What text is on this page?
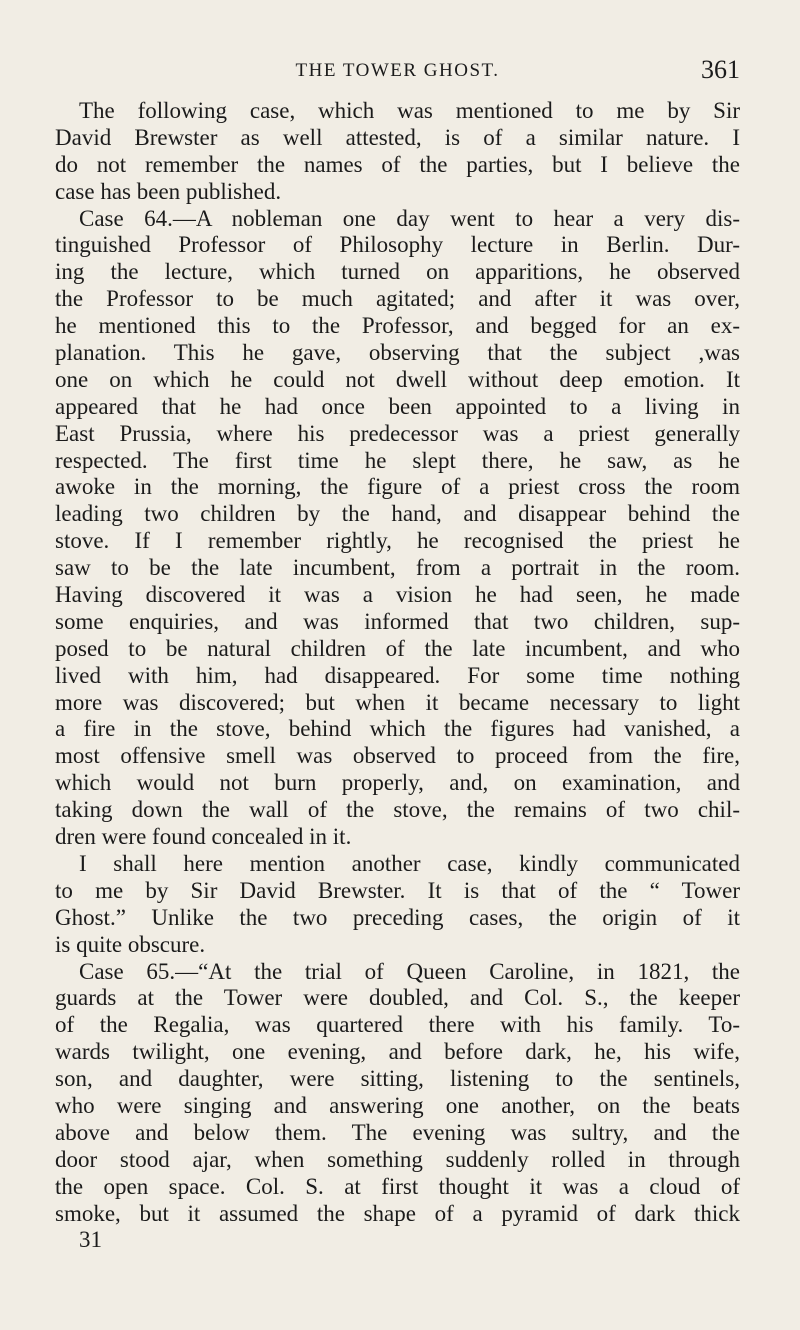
THE TOWER GHOST.	361
The following case, which was mentioned to me by Sir
David Brewster as well attested, is of a similar nature. I
do not remember the names of the parties, but I believe the
case has been published.
Case 64.—A nobleman one day went to hear a very dis-
tinguished Professor of Philosophy lecture in Berlin. Dur-
ing the lecture, which turned on apparitions, he observed
the Professor to be much agitated; and after it was over,
he mentioned this to the Professor, and begged for an ex-
planation. This he gave, observing that the subject ,was
one on which he could not dwell without deep emotion. It
appeared that he had once been appointed to a living in
East Prussia, where his predecessor was a priest generally
respected. The first time he slept there, he saw, as he
awoke in the morning, the figure of a priest cross the room
leading two children by the hand, and disappear behind the
stove. If I remember rightly, he recognised the priest he
saw to be the late incumbent, from a portrait in the room.
Having discovered it was a vision he had seen, he made
some enquiries, and was informed that two children, sup-
posed to be natural children of the late incumbent, and who
lived with him, had disappeared. For some time nothing
more was discovered; but when it became necessary to light
a fire in the stove, behind which the figures had vanished, a
most offensive smell was observed to proceed from the fire,
which would not burn properly, and, on examination, and
taking down the wall of the stove, the remains of two chil-
dren were found concealed in it.
I shall here mention another case, kindly communicated
to me by Sir David Brewster. It is that of the “ Tower
Ghost.” Unlike the two preceding cases, the origin of it
is quite obscure.
Case 65.—“At the trial of Queen Caroline, in 1821, the
guards at the Tower were doubled, and Col. S., the keeper
of the Regalia, was quartered there with his family. To-
wards twilight, one evening, and before dark, he, his wife,
son, and daughter, were sitting, listening to the sentinels,
who were singing and answering one another, on the beats
above and below them. The evening was sultry, and the
door stood ajar, when something suddenly rolled in through
the open space. Col. S. at first thought it was a cloud of
smoke, but it assumed the shape of a pyramid of dark thick
31
